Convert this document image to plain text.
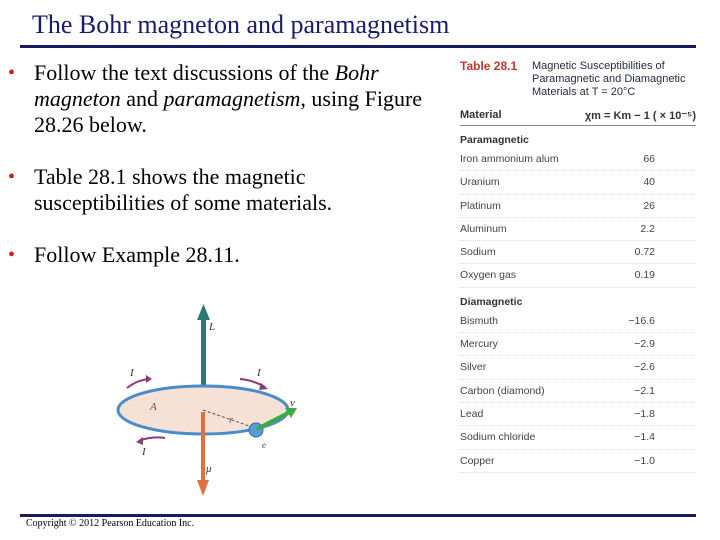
The Bohr magneton and paramagnetism
• Follow the text discussions of the Bohr magneton and paramagnetism, using Figure 28.26 below.
• Table 28.1 shows the magnetic susceptibilities of some materials.
• Follow Example 28.11.
L
A
r
e
v
μ
I	I
I
Table 28.1	Magnetic Susceptibilities of Paramagnetic and Diamagnetic Materials at T = 20°C
Material	χm = Km − 1 ( × 10⁻⁵)
Paramagnetic
Iron ammonium alum	66
Uranium	40
Platinum	26
Aluminum	2.2
Sodium	0.72
Oxygen gas	0.19
Diamagnetic
Bismuth	−16.6
Mercury	−2.9
Silver	−2.6
Carbon (diamond)	−2.1
Lead	−1.8
Sodium chloride	−1.4
Copper	−1.0
Copyright © 2012 Pearson Education Inc.
